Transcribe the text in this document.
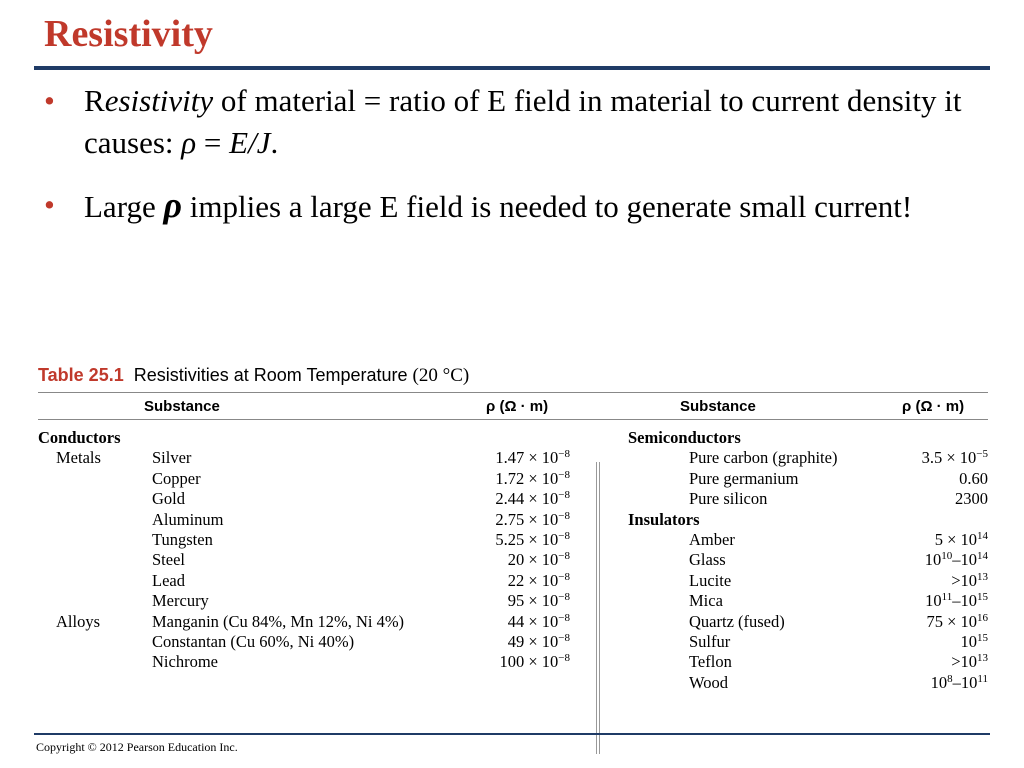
Resistivity
• Resistivity of material = ratio of E field in material to current density it causes: ρ = E/J.
• Large ρ implies a large E field is needed to generate small current!
Table 25.1 Resistivities at Room Temperature (20 °C)
Substance	ρ (Ω · m)	Substance	ρ (Ω · m)
Conductors
Metals	Silver	$1.47 \times 10^{-8}$
Copper	$1.72 \times 10^{-8}$
Gold	$2.44 \times 10^{-8}$
Aluminum	$2.75 \times 10^{-8}$
Tungsten	$5.25 \times 10^{-8}$
Steel	$20 \times 10^{-8}$
Lead	$22 \times 10^{-8}$
Mercury	$95 \times 10^{-8}$
Alloys	Manganin (Cu 84%, Mn 12%, Ni 4%)	$44 \times 10^{-8}$
Constantan (Cu 60%, Ni 40%)	$49 \times 10^{-8}$
Nichrome	$100 \times 10^{-8}$
Semiconductors
Pure carbon (graphite)	$3.5 \times 10^{-5}$
Pure germanium	0.60
Pure silicon	2300
Insulators
Amber	$5 \times 10^{14}$
Glass	$10^{10}-10^{14}$
Lucite	$>10^{13}$
Mica	$10^{11}-10^{15}$
Quartz (fused)	$75 \times 10^{16}$
Sulfur	$10^{15}$
Teflon	$>10^{13}$
Wood	$10^8-10^{11}$
Copyright © 2012 Pearson Education Inc.
